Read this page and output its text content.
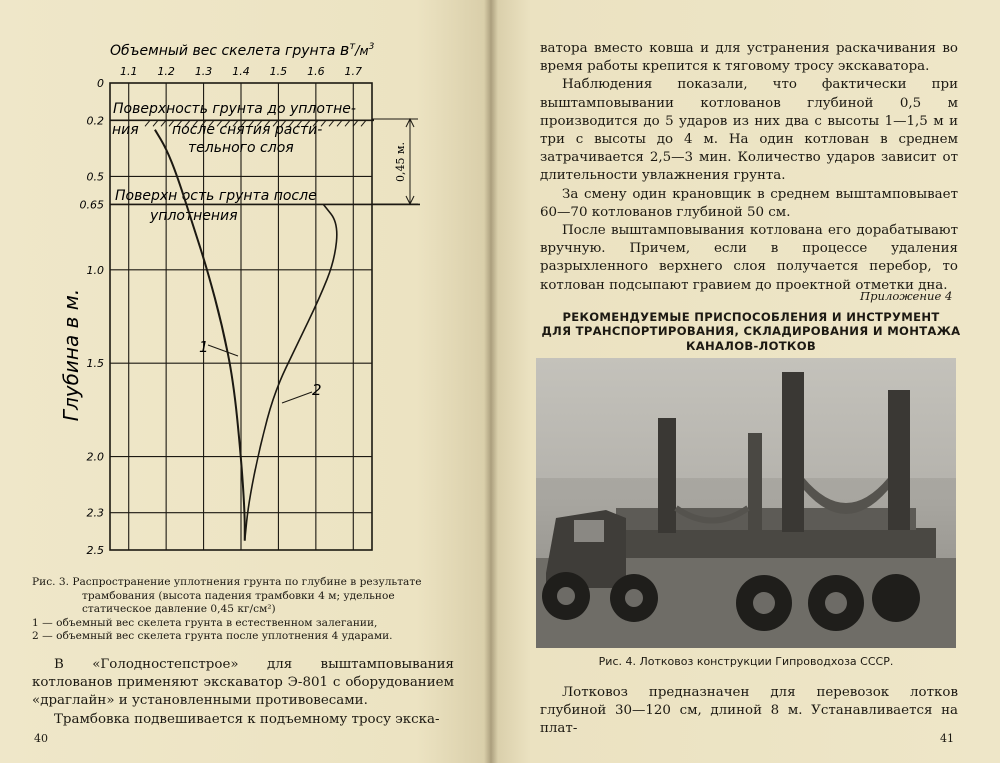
Объемный вес скелета грунта $в^т/м^3$
1.1 1.2 1.3 1.4 1.5 1.6 1.7
0
0.2
0.5
0.65
1.0
1.5
2.0
2.3
2.5
Глубина в м.
Поверхность грунта до уплотне-
ния после снятия расти-
тельного слоя
Поверхн ость грунта после
уплотнения
0,45 м.
1
2
Рис. 3. Распространение уплотнения грунта по глубине в результате
трамбования (высота падения трамбовки 4 м; удельное
статическое давление 0,45 кг/см²)
1 — объемный вес скелета грунта в естественном залегании,
2 — объемный вес скелета грунта после уплотнения 4 ударами.

В «Голодностепстрое» для выштамповывания котлованов применяют экскаватор Э-801 с оборудованием «драглайн» и установленными противовесами.

Трамбовка подвешивается к подъемному тросу экска-

40

ватора вместо ковша и для устранения раскачивания во время работы крепится к тяговому тросу экскаватора.

Наблюдения показали, что фактически при выштамповывании котлованов глубиной 0,5 м производится до 5 ударов из них два с высоты 1—1,5 м и три с высоты до 4 м. На один котлован в среднем затрачивается 2,5—3 мин. Количество ударов зависит от длительности увлажнения грунта.

За смену один крановщик в среднем выштамповывает 60—70 котлованов глубиной 50 см.

После выштамповывания котлована его дорабатывают вручную. Причем, если в процессе удаления разрыхленного верхнего слоя получается перебор, то котлован подсыпают гравием до проектной отметки дна.

Приложение 4
РЕКОМЕНДУЕМЫЕ ПРИСПОСОБЛЕНИЯ И ИНСТРУМЕНТ
ДЛЯ ТРАНСПОРТИРОВАНИЯ, СКЛАДИРОВАНИЯ И МОНТАЖА
КАНАЛОВ-ЛОТКОВ
Рис. 4. Лотковоз конструкции Гипроводхоза СССР.

Лотковоз предназначен для перевозок лотков глубиной 30—120 см, длиной 8 м. Устанавливается на плат-

41
